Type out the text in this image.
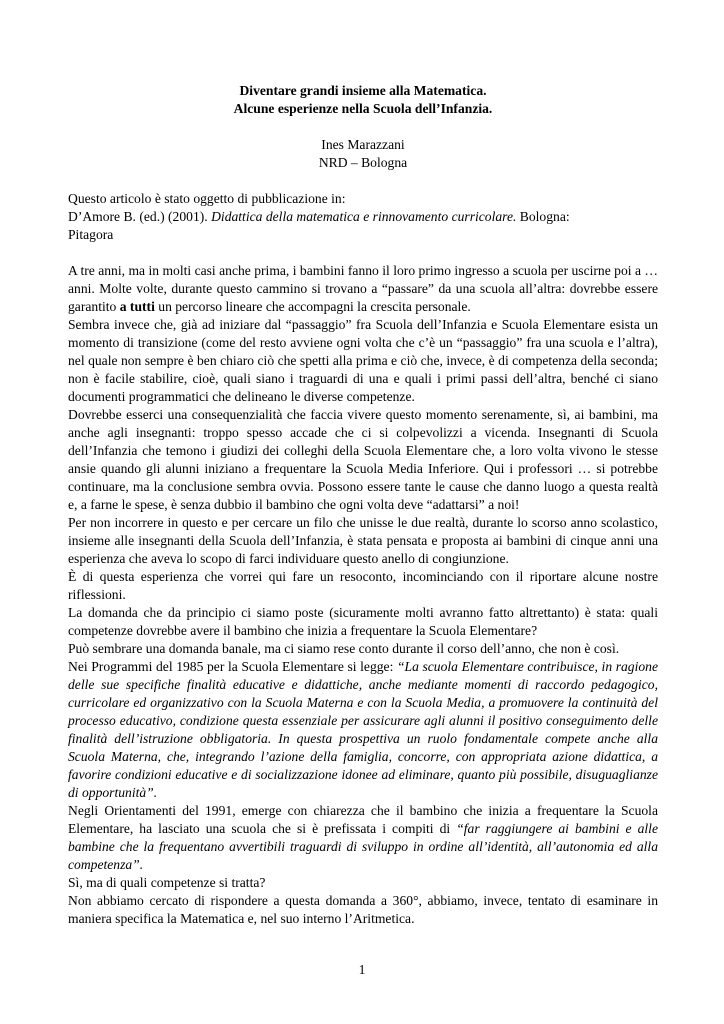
Diventare grandi insieme alla Matematica.
Alcune esperienze nella Scuola dell’Infanzia.
Ines Marazzani
NRD – Bologna
Questo articolo è stato oggetto di pubblicazione in:

D’Amore B. (ed.) (2001). Didattica della matematica e rinnovamento curricolare. Bologna:
Pitagora

A tre anni, ma in molti casi anche prima, i bambini fanno il loro primo ingresso a scuola per uscirne poi a … anni. Molte volte, durante questo cammino si trovano a “passare” da una scuola all’altra: dovrebbe essere garantito a tutti un percorso lineare che accompagni la crescita personale.

Sembra invece che, già ad iniziare dal “passaggio” fra Scuola dell’Infanzia e Scuola Elementare esista un momento di transizione (come del resto avviene ogni volta che c’è un “passaggio” fra una scuola e l’altra), nel quale non sempre è ben chiaro ciò che spetti alla prima e ciò che, invece, è di competenza della seconda; non è facile stabilire, cioè, quali siano i traguardi di una e quali i primi passi dell’altra, benché ci siano documenti programmatici che delineano le diverse competenze.

Dovrebbe esserci una consequenzialità che faccia vivere questo momento serenamente, sì, ai bambini, ma anche agli insegnanti: troppo spesso accade che ci si colpevolizzi a vicenda. Insegnanti di Scuola dell’Infanzia che temono i giudizi dei colleghi della Scuola Elementare che, a loro volta vivono le stesse ansie quando gli alunni iniziano a frequentare la Scuola Media Inferiore. Qui i professori … si potrebbe continuare, ma la conclusione sembra ovvia. Possono essere tante le cause che danno luogo a questa realtà e, a farne le spese, è senza dubbio il bambino che ogni volta deve “adattarsi” a noi!

Per non incorrere in questo e per cercare un filo che unisse le due realtà, durante lo scorso anno scolastico, insieme alle insegnanti della Scuola dell’Infanzia, è stata pensata e proposta ai bambini di cinque anni una esperienza che aveva lo scopo di farci individuare questo anello di congiunzione.

È di questa esperienza che vorrei qui fare un resoconto, incominciando con il riportare alcune nostre riflessioni.

La domanda che da principio ci siamo poste (sicuramente molti avranno fatto altrettanto) è stata: quali competenze dovrebbe avere il bambino che inizia a frequentare la Scuola Elementare?

Può sembrare una domanda banale, ma ci siamo rese conto durante il corso dell’anno, che non è così.

Nei Programmi del 1985 per la Scuola Elementare si legge: “La scuola Elementare contribuisce, in ragione delle sue specifiche finalità educative e didattiche, anche mediante momenti di raccordo pedagogico, curricolare ed organizzativo con la Scuola Materna e con la Scuola Media, a promuovere la continuità del processo educativo, condizione questa essenziale per assicurare agli alunni il positivo conseguimento delle finalità dell’istruzione obbligatoria. In questa prospettiva un ruolo fondamentale compete anche alla Scuola Materna, che, integrando l’azione della famiglia, concorre, con appropriata azione didattica, a favorire condizioni educative e di socializzazione idonee ad eliminare, quanto più possibile, disuguaglianze di opportunità”.

Negli Orientamenti del 1991, emerge con chiarezza che il bambino che inizia a frequentare la Scuola Elementare, ha lasciato una scuola che si è prefissata i compiti di “far raggiungere ai bambini e alle bambine che la frequentano avvertibili traguardi di sviluppo in ordine all’identità, all’autonomia ed alla competenza”.

Sì, ma di quali competenze si tratta?

Non abbiamo cercato di rispondere a questa domanda a 360°, abbiamo, invece, tentato di esaminare in maniera specifica la Matematica e, nel suo interno l’Aritmetica.

1
